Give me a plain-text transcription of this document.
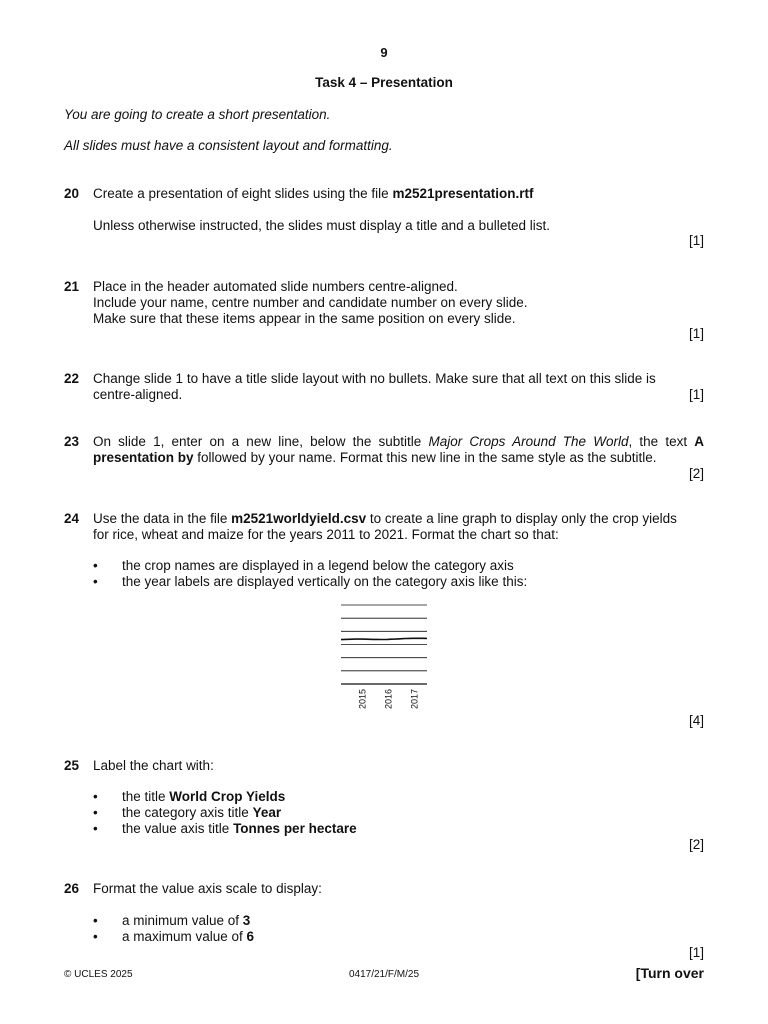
9
Task 4 – Presentation
You are going to create a short presentation.
All slides must have a consistent layout and formatting.
20 Create a presentation of eight slides using the file m2521presentation.rtf
Unless otherwise instructed, the slides must display a title and a bulleted list.
[1]
21 Place in the header automated slide numbers centre-aligned.
Include your name, centre number and candidate number on every slide.
Make sure that these items appear in the same position on every slide.
[1]
22 Change slide 1 to have a title slide layout with no bullets. Make sure that all text on this slide is
centre-aligned.	[1]
23 On slide 1, enter on a new line, below the subtitle Major Crops Around The World, the text A presentation by followed by your name. Format this new line in the same style as the subtitle.
[2]
24 Use the data in the file m2521worldyield.csv to create a line graph to display only the crop yields
for rice, wheat and maize for the years 2011 to 2021. Format the chart so that:
• the crop names are displayed in a legend below the category axis
• the year labels are displayed vertically on the category axis like this:
2015 2016 2017
[4]
25 Label the chart with:
• the title World Crop Yields
• the category axis title Year
• the value axis title Tonnes per hectare
[2]
26 Format the value axis scale to display:
• a minimum value of 3
• a maximum value of 6
[1]
© UCLES 2025	0417/21/F/M/25	[Turn over
